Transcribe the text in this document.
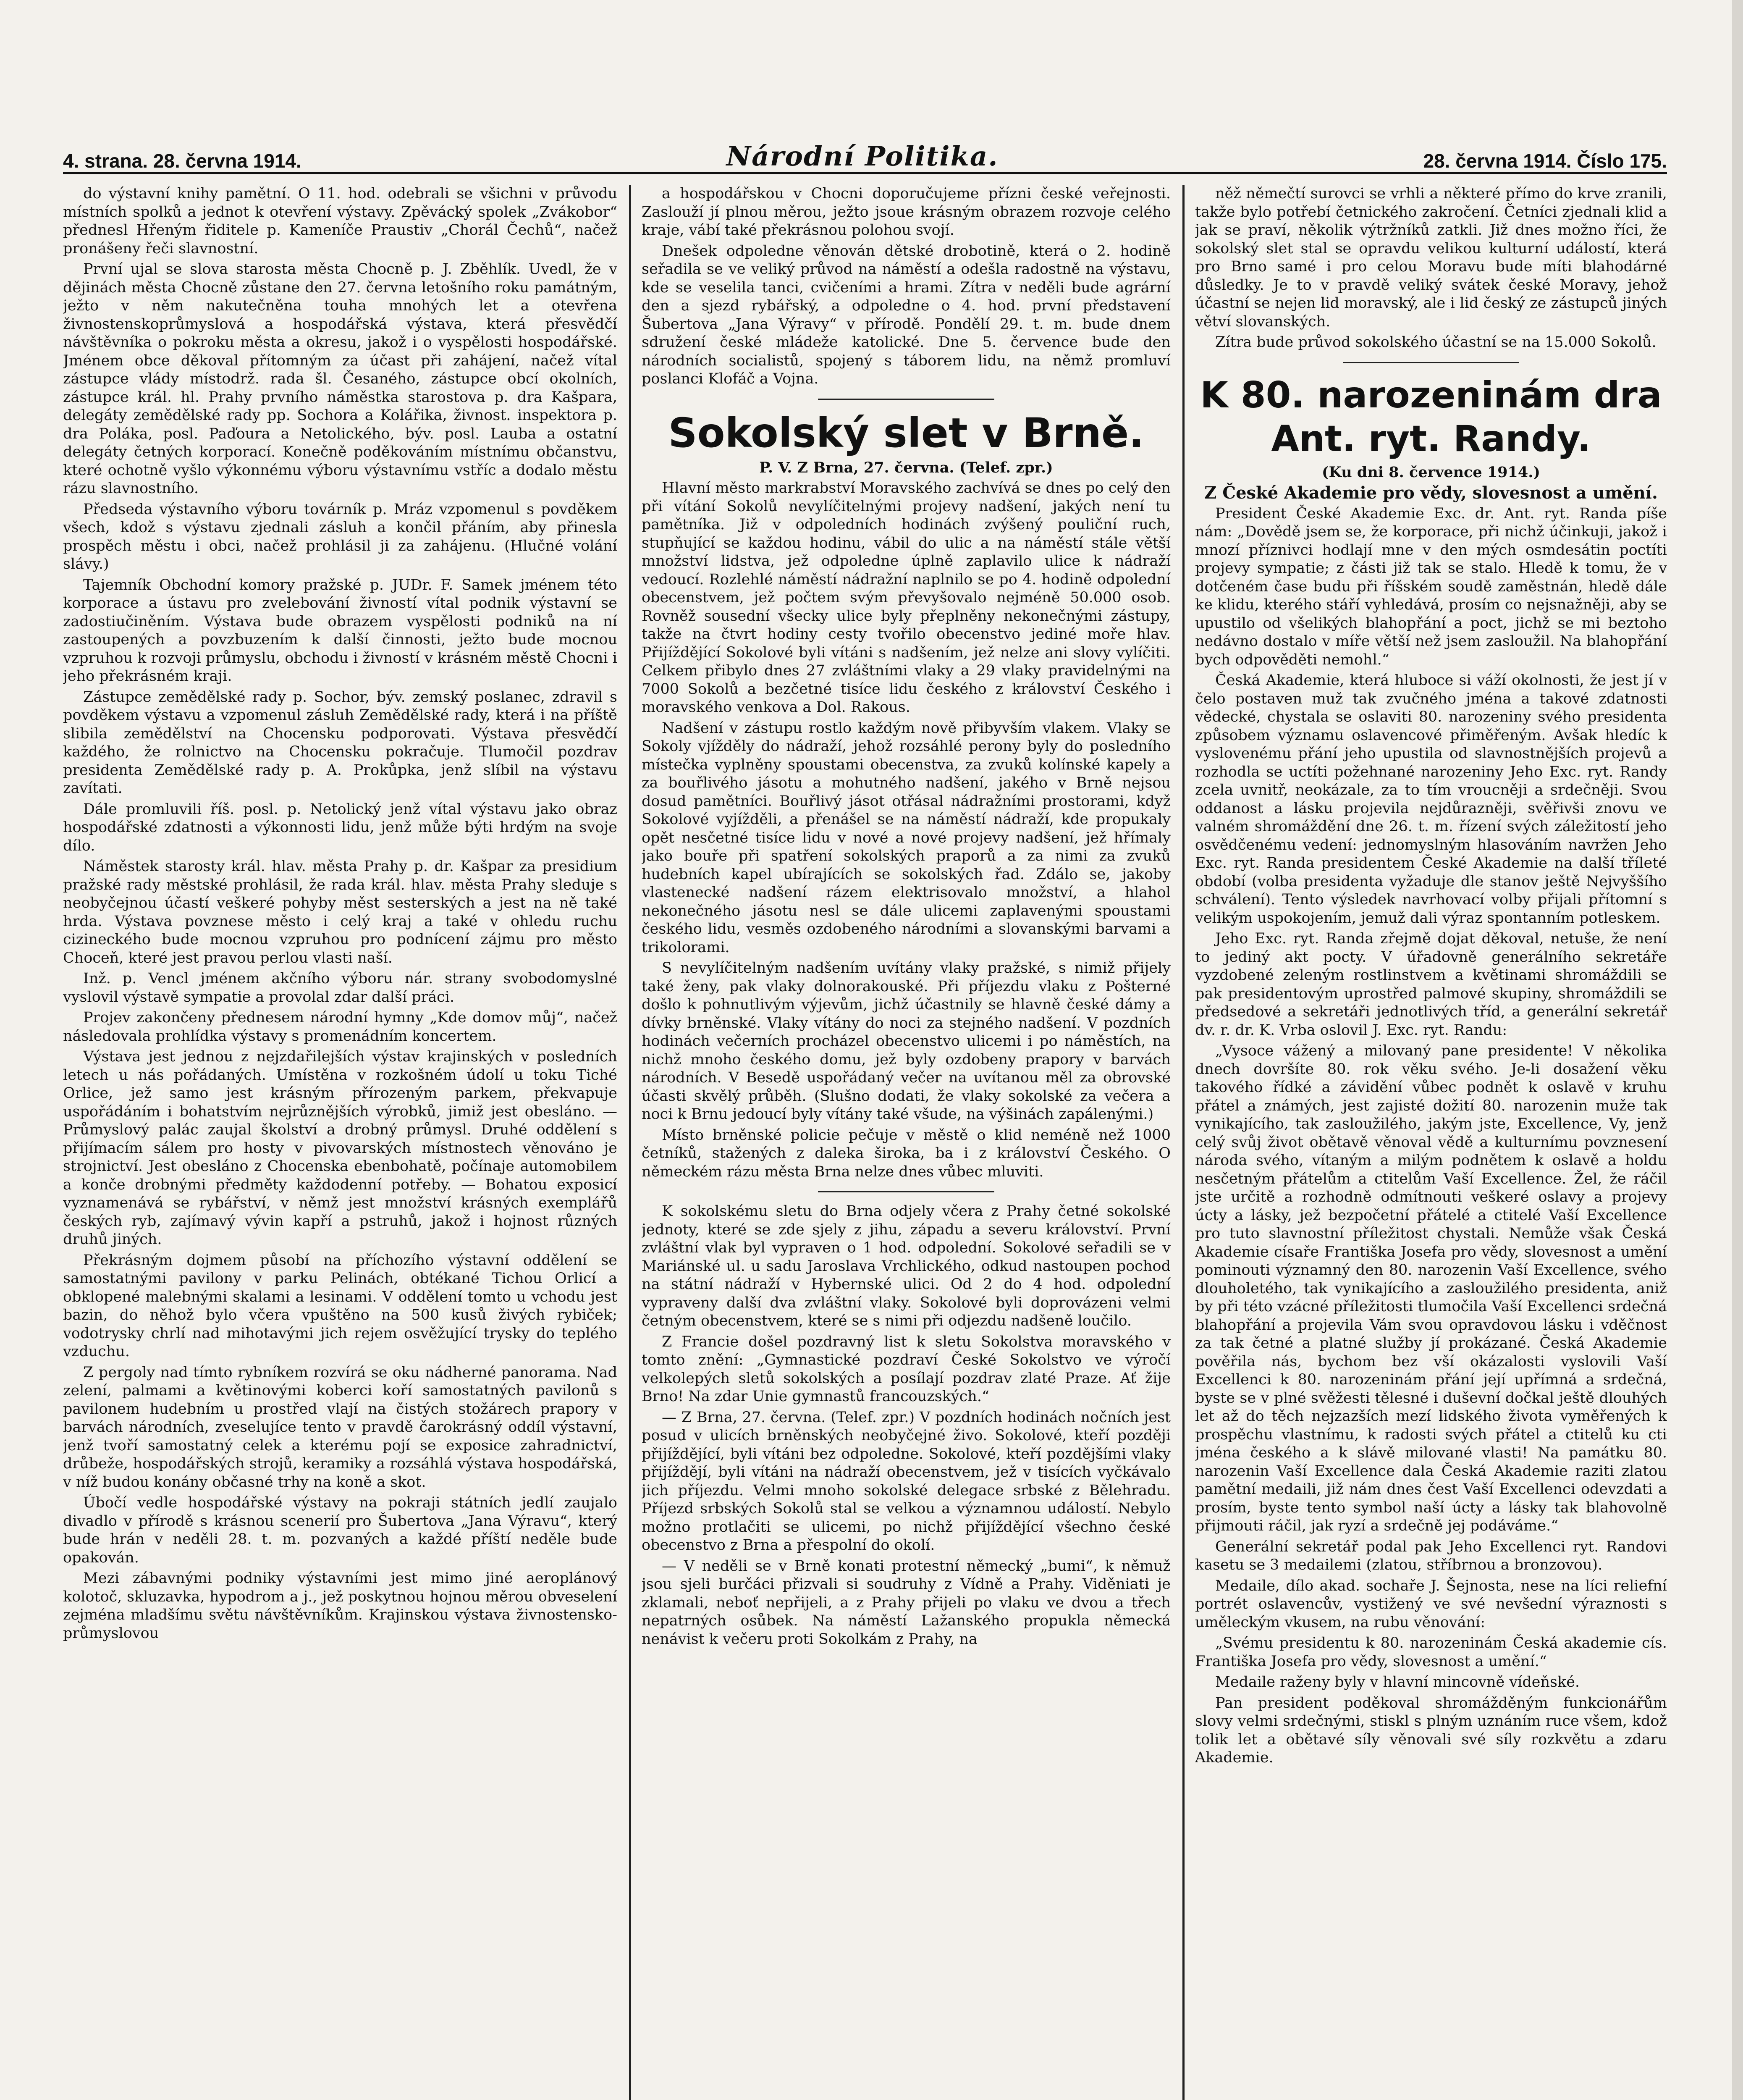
4. strana. 28. června 1914.	Národní Politika.	28. června 1914. Číslo 175.

do výstavní knihy pamětní. O 11. hod. odebrali se všichni v průvodu místních spolků a jednot k otevření výstavy. Zpěvácký spolek „Zvákobor“ přednesl Hřeným řiditele p. Kameníče Praustiv „Chorál Čechů“, načež pronášeny řeči slavnostní.

První ujal se slova starosta města Chocně p. J. Zběhlík. Uvedl, že v dějinách města Chocně zůstane den 27. června letošního roku památným, ježto v něm nakutečněna touha mnohých let a otevřena živnostenskoprůmyslová a hospodářská výstava, která přesvědčí návštěvníka o pokroku města a okresu, jakož i o vyspělosti hospodářské. Jménem obce děkoval přítomným za účast při zahájení, načež vítal zástupce vlády místodrž. rada šl. Česaného, zástupce obcí okolních, zástupce král. hl. Prahy prvního náměstka starostova p. dra Kašpara, delegáty zemědělské rady pp. Sochora a Kolářika, živnost. inspektora p. dra Poláka, posl. Paďoura a Netolického, býv. posl. Lauba a ostatní delegáty četných korporací. Konečně poděkováním místnímu občanstvu, které ochotně vyšlo výkonnému výboru výstavnímu vstříc a dodalo městu rázu slavnostního.

Předseda výstavního výboru továrník p. Mráz vzpomenul s povděkem všech, kdož s výstavu zjednali zásluh a končil přáním, aby přinesla prospěch městu i obci, načež prohlásil ji za zahájenu. (Hlučné volání slávy.)

Tajemník Obchodní komory pražské p. JUDr. F. Samek jménem této korporace a ústavu pro zvelebování živností vítal podnik výstavní se zadostiučiněním. Výstava bude obrazem vyspělosti podniků na ní zastoupených a povzbuzením k další činnosti, ježto bude mocnou vzpruhou k rozvoji průmyslu, obchodu i živností v krásném městě Chocni i jeho překrásném kraji.

Zástupce zemědělské rady p. Sochor, býv. zemský poslanec, zdravil s povděkem výstavu a vzpomenul zásluh Zemědělské rady, která i na příště slibila zemědělství na Chocensku podporovati. Výstava přesvědčí každého, že rolnictvo na Chocensku pokračuje. Tlumočil pozdrav presidenta Zemědělské rady p. A. Prokůpka, jenž slíbil na výstavu zavítati.

Dále promluvili říš. posl. p. Netolický jenž vítal výstavu jako obraz hospodářské zdatnosti a výkonnosti lidu, jenž může býti hrdým na svoje dílo.

Náměstek starosty král. hlav. města Prahy p. dr. Kašpar za presidium pražské rady městské prohlásil, že rada král. hlav. města Prahy sleduje s neobyčejnou účastí veškeré pohyby měst sesterských a jest na ně také hrda. Výstava povznese město i celý kraj a také v ohledu ruchu cizineckého bude mocnou vzpruhou pro podnícení zájmu pro město Choceň, které jest pravou perlou vlasti naší.

Inž. p. Vencl jménem akčního výboru nár. strany svobodomyslné vyslovil výstavě sympatie a provolal zdar další práci.

Projev zakončeny přednesem národní hymny „Kde domov můj“, načež následovala prohlídka výstavy s promenádním koncertem.

Výstava jest jednou z nejzdařilejších výstav krajinských v posledních letech u nás pořádaných. Umístěna v rozkošném údolí u toku Tiché Orlice, jež samo jest krásným přírozeným parkem, překvapuje uspořádáním i bohatstvím nejrůznějších výrobků, jimiž jest obesláno. — Průmyslový palác zaujal školství a drobný průmysl. Druhé oddělení s přijímacím sálem pro hosty v pivovarských místnostech věnováno je strojnictví. Jest obesláno z Chocenska ebenbohatě, počínaje automobilem a konče drobnými předměty každodenní potřeby. — Bohatou exposicí vyznamenává se rybářství, v němž jest množství krásných exemplářů českých ryb, zajímavý vývin kapří a pstruhů, jakož i hojnost různých druhů jiných.

Překrásným dojmem působí na příchozího výstavní oddělení se samostatnými pavilony v parku Pelinách, obtékané Tichou Orlicí a obklopené malebnými skalami a lesinami. V oddělení tomto u vchodu jest bazin, do něhož bylo včera vpuštěno na 500 kusů živých rybiček; vodotrysky chrlí nad mihotavými jich rejem osvěžující trysky do teplého vzduchu.

Z pergoly nad tímto rybníkem rozvírá se oku nádherné panorama. Nad zelení, palmami a květinovými koberci koří samostatných pavilonů s pavilonem hudebním u prostřed vlají na čistých stožárech prapory v barvách národních, zveselujíce tento v pravdě čarokrásný oddíl výstavní, jenž tvoří samostatný celek a kterému pojí se exposice zahradnictví, drůbeže, hospodářských strojů, keramiky a rozsáhlá výstava hospodářská, v níž budou konány občasné trhy na koně a skot.

Úbočí vedle hospodářské výstavy na pokraji státních jedlí zaujalo divadlo v přírodě s krásnou scenerií pro Šubertova „Jana Výravu“, který bude hrán v neděli 28. t. m. pozvaných a každé příští neděle bude opakován.

Mezi zábavnými podniky výstavními jest mimo jiné aeroplánový kolotoč, skluzavka, hypodrom a j., jež poskytnou hojnou měrou obveselení zejména mladšímu světu návštěvníkům. Krajinskou výstava živnostensko-průmyslovou

a hospodářskou v Chocni doporučujeme přízni české veřejnosti. Zaslouží jí plnou měrou, ježto jsoue krásným obrazem rozvoje celého kraje, vábí také překrásnou polohou svojí.

Dnešek odpoledne věnován dětské drobotině, která o 2. hodině seřadila se ve veliký průvod na náměstí a odešla radostně na výstavu, kde se veselila tanci, cvičeními a hrami. Zítra v neděli bude agrární den a sjezd rybářský, a odpoledne o 4. hod. první představení Šubertova „Jana Výravy“ v přírodě. Pondělí 29. t. m. bude dnem sdružení české mládeže katolické. Dne 5. července bude den národních socialistů, spojený s táborem lidu, na němž promluví poslanci Klofáč a Vojna.

Sokolský slet v Brně.

P. V. Z Brna, 27. června. (Telef. zpr.)

Hlavní město markrabství Moravského zachvívá se dnes po celý den při vítání Sokolů nevylíčitelnými projevy nadšení, jakých není tu pamětníka. Již v odpoledních hodinách zvýšený pouliční ruch, stupňující se každou hodinu, vábil do ulic a na náměstí stále větší množství lidstva, jež odpoledne úplně zaplavilo ulice k nádraží vedoucí. Rozlehlé náměstí nádražní naplnilo se po 4. hodině odpolední obecenstvem, jež počtem svým převyšovalo nejméně 50.000 osob. Rovněž sousední všecky ulice byly přeplněny nekonečnými zástupy, takže na čtvrt hodiny cesty tvořilo obecenstvo jediné moře hlav. Přijíždějící Sokolové byli vítáni s nadšením, jež nelze ani slovy vylíčiti. Celkem přibylo dnes 27 zvláštními vlaky a 29 vlaky pravidelnými na 7000 Sokolů a bezčetné tisíce lidu českého z království Českého i moravského venkova a Dol. Rakous.

Nadšení v zástupu rostlo každým nově přibyvším vlakem. Vlaky se Sokoly vjížděly do nádraží, jehož rozsáhlé perony byly do posledního místečka vyplněny spoustami obecenstva, za zvuků kolínské kapely a za bouřlivého jásotu a mohutného nadšení, jakého v Brně nejsou dosud pamětníci. Bouřlivý jásot otřásal nádražními prostorami, když Sokolové vyjížděli, a přenášel se na náměstí nádraží, kde propukaly opět nesčetné tisíce lidu v nové a nové projevy nadšení, jež hřímaly jako bouře při spatření sokolských praporů a za nimi za zvuků hudebních kapel ubírajících se sokolských řad. Zdálo se, jakoby vlastenecké nadšení rázem elektrisovalo množství, a hlahol nekonečného jásotu nesl se dále ulicemi zaplavenými spoustami českého lidu, vesměs ozdobeného národními a slovanskými barvami a trikolorami.

S nevylíčitelným nadšením uvítány vlaky pražské, s nimiž přijely také ženy, pak vlaky dolnorakouské. Při příjezdu vlaku z Pošterné došlo k pohnutlivým výjevům, jichž účastnily se hlavně české dámy a dívky brněnské. Vlaky vítány do noci za stejného nadšení. V pozdních hodinách večerních procházel obecenstvo ulicemi i po náměstích, na nichž mnoho českého domu, jež byly ozdobeny prapory v barvách národních. V Besedě uspořádaný večer na uvítanou měl za obrovské účasti skvělý průběh. (Slušno dodati, že vlaky sokolské za večera a noci k Brnu jedoucí byly vítány také všude, na výšinách zapálenými.)

Místo brněnské policie pečuje v městě o klid neméně než 1000 četníků, stažených z daleka široka, ba i z království Českého. O německém rázu města Brna nelze dnes vůbec mluviti.

K sokolskému sletu do Brna odjely včera z Prahy četné sokolské jednoty, které se zde sjely z jihu, západu a severu království. První zvláštní vlak byl vypraven o 1 hod. odpolední. Sokolové seřadili se v Mariánské ul. u sadu Jaroslava Vrchlického, odkud nastoupen pochod na státní nádraží v Hybernské ulici. Od 2 do 4 hod. odpolední vypraveny další dva zvláštní vlaky. Sokolové byli doprovázeni velmi četným obecenstvem, které se s nimi při odjezdu nadšeně loučilo.

Z Francie došel pozdravný list k sletu Sokolstva moravského v tomto znění: „Gymnastické pozdraví České Sokolstvo ve výročí velkolepých sletů sokolských a posílají pozdrav zlaté Praze. Ať žije Brno! Na zdar Unie gymnastů francouzských.“

— Z Brna, 27. června. (Telef. zpr.) V pozdních hodinách nočních jest posud v ulicích brněnských neobyčejné živo. Sokolové, kteří později přijíždějící, byli vítáni bez odpoledne. Sokolové, kteří pozdějšími vlaky přijíždějí, byli vítáni na nádraží obecenstvem, jež v tisících vyčkávalo jich příjezdu. Velmi mnoho sokolské delegace srbské z Bělehradu. Příjezd srbských Sokolů stal se velkou a významnou událostí. Nebylo možno protlačiti se ulicemi, po nichž přijíždějící všechno české obecenstvo z Brna a přespolní do okolí.

— V neděli se v Brně konati protestní německý „bumi“, k němuž jsou sjeli burčáci přizvali si soudruhy z Vídně a Prahy. Viděniati je zklamali, neboť nepřijeli, a z Prahy přijeli po vlaku ve dvou a třech nepatrných osůbek. Na náměstí Lažanského propukla německá nenávist k večeru proti Sokolkám z Prahy, na

něž němečtí surovci se vrhli a některé přímo do krve zranili, takže bylo potřebí četnického zakročení. Četníci zjednali klid a jak se praví, několik výtržníků zatkli. Již dnes možno říci, že sokolský slet stal se opravdu velikou kulturní událostí, která pro Brno samé i pro celou Moravu bude míti blahodárné důsledky. Je to v pravdě veliký svátek české Moravy, jehož účastní se nejen lid moravský, ale i lid český ze zástupců jiných větví slovanských.

Zítra bude průvod sokolského účastní se na 15.000 Sokolů.

K 80. narozeninám dra Ant. ryt. Randy.

(Ku dni 8. července 1914.)

Z České Akademie pro vědy, slovesnost a umění.

President České Akademie Exc. dr. Ant. ryt. Randa píše nám: „Dovědě jsem se, že korporace, při nichž účinkuji, jakož i mnozí příznivci hodlají mne v den mých osmdesátin poctíti projevy sympatie; z části již tak se stalo. Hledě k tomu, že v dotčeném čase budu při říšském soudě zaměstnán, hledě dále ke klidu, kterého stáří vyhledává, prosím co nejsnažněji, aby se upustilo od všelikých blahopřání a poct, jichž se mi beztoho nedávno dostalo v míře větší než jsem zasloužil. Na blahopřání bych odpověděti nemohl.“

Česká Akademie, která hluboce si váží okolnosti, že jest jí v čelo postaven muž tak zvučného jména a takové zdatnosti vědecké, chystala se oslaviti 80. narozeniny svého presidenta způsobem významu oslavencové přiměřeným. Avšak hledíc k vyslovenému přání jeho upustila od slavnostnějších projevů a rozhodla se uctíti požehnané narozeniny Jeho Exc. ryt. Randy zcela uvnitř, neokázale, za to tím vroucněji a srdečněji. Svou oddanost a lásku projevila nejdůrazněji, svěřivši znovu ve valném shromáždění dne 26. t. m. řízení svých záležitostí jeho osvědčenému vedení: jednomyslným hlasováním navržen Jeho Exc. ryt. Randa presidentem České Akademie na další tříleté období (volba presidenta vyžaduje dle stanov ještě Nejvyššího schválení). Tento výsledek navrhovací volby přijali přítomní s velikým uspokojením, jemuž dali výraz spontanním potleskem.

Jeho Exc. ryt. Randa zřejmě dojat děkoval, netuše, že není to jediný akt pocty. V úřadovně generálního sekretáře vyzdobené zeleným rostlinstvem a květinami shromáždili se pak presidentovým uprostřed palmové skupiny, shromáždili se předsedové a sekretáři jednotlivých tříd, a generální sekretář dv. r. dr. K. Vrba oslovil J. Exc. ryt. Randu:

„Vysoce vážený a milovaný pane presidente! V několika dnech dovršíte 80. rok věku svého. Je-li dosažení věku takového řídké a závidění vůbec podnět k oslavě v kruhu přátel a známých, jest zajisté dožití 80. narozenin muže tak vynikajícího, tak zasloužilého, jakým jste, Excellence, Vy, jenž celý svůj život obětavě věnoval vědě a kulturnímu povznesení národa svého, vítaným a milým podnětem k oslavě a holdu nesčetným přátelům a ctitelům Vaší Excellence. Žel, že ráčil jste určitě a rozhodně odmítnouti veškeré oslavy a projevy úcty a lásky, jež bezpočetní přátelé a ctitelé Vaší Excellence pro tuto slavnostní příležitost chystali. Nemůže však Česká Akademie císaře Františka Josefa pro vědy, slovesnost a umění pominouti významný den 80. narozenin Vaší Excellence, svého dlouholetého, tak vynikajícího a zasloužilého presidenta, aniž by při této vzácné příležitosti tlumočila Vaší Excellenci srdečná blahopřání a projevila Vám svou opravdovou lásku i vděčnost za tak četné a platné služby jí prokázané. Česká Akademie pověřila nás, bychom bez vší okázalosti vyslovili Vaší Excellenci k 80. narozeninám přání její upřímná a srdečná, byste se v plné svěžesti tělesné i duševní dočkal ještě dlouhých let až do těch nejzazších mezí lidského života vyměřených k prospěchu vlastnímu, k radosti svých přátel a ctitelů ku cti jména českého a k slávě milované vlasti! Na památku 80. narozenin Vaší Excellence dala Česká Akademie raziti zlatou pamětní medaili, již nám dnes čest Vaší Excellenci odevzdati a prosím, byste tento symbol naší úcty a lásky tak blahovolně přijmouti ráčil, jak ryzí a srdečně jej podáváme.“

Generální sekretář podal pak Jeho Excellenci ryt. Randovi kasetu se 3 medailemi (zlatou, stříbrnou a bronzovou).

Medaile, dílo akad. sochaře J. Šejnosta, nese na líci reliefní portrét oslavencův, vystižený ve své nevšední výraznosti s uměleckým vkusem, na rubu věnování:

„Svému presidentu k 80. narozeninám Česká akademie cís. Františka Josefa pro vědy, slovesnost a umění.“

Medaile raženy byly v hlavní mincovně vídeňské.

Pan president poděkoval shromážděným funkcionářům slovy velmi srdečnými, stiskl s plným uznáním ruce všem, kdož tolik let a obětavé síly věnovali své síly rozkvětu a zdaru Akademie.
